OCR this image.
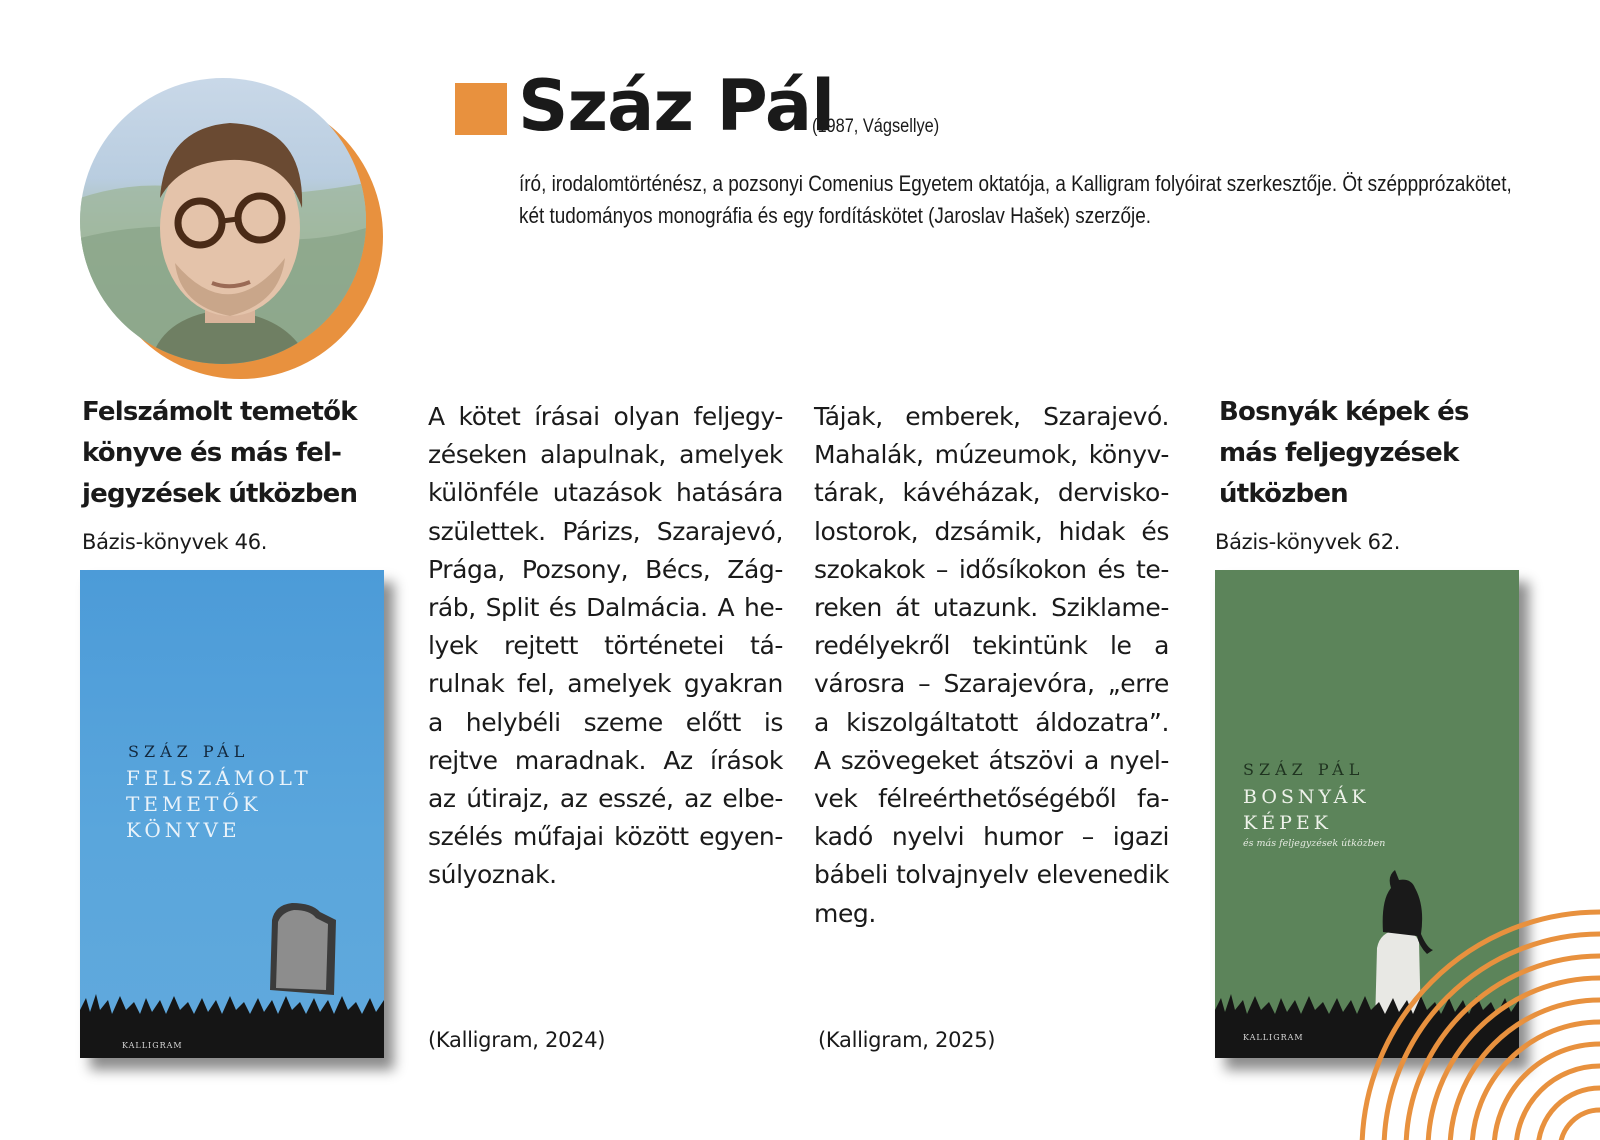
Száz Pál
(1987, Vágsellye)
író, irodalomtörténész, a pozsonyi Comenius Egyetem oktatója, a Kalligram folyóirat szerkesztője. Öt széppprózakötet, két tudományos monográfia és egy fordításkötet (Jaroslav Hašek) szerzője.
Felszámolt temetők könyve és más fel-jegyzések útközben
Bázis-könyvek 46.
SZÁZ PÁL
FELSZÁMOLT
TEMETŐK
KÖNYVE
KALLIGRAM
A kötet írásai olyan feljegy-zéseken alapulnak, amelyek különféle utazások hatására születtek. Párizs, Szarajevó, Prága, Pozsony, Bécs, Zág-ráb, Split és Dalmácia. A he-lyek rejtett történetei tá-rulnak fel, amelyek gyakran a helybéli szeme előtt is rejtve maradnak. Az írások az útirajz, az esszé, az elbe-szélés műfajai között egyen-súlyoznak.
(Kalligram, 2024)
Tájak, emberek, Szarajevó. Mahalák, múzeumok, könyv-tárak, kávéházak, dervisko-lostorok, dzsámik, hidak és szokakok – idősíkokon és te-reken át utazunk. Sziklame-redélyekről tekintünk le a városra – Szarajevóra, „erre a kiszolgáltatott áldozatra”. A szövegeket átszövi a nyel-vek félreérthetőségéből fa-kadó nyelvi humor – igazi bábeli tolvajnyelv elevenedik meg.
(Kalligram, 2025)
Bosnyák képek és más feljegyzések útközben
Bázis-könyvek 62.
SZÁZ PÁL
BOSNYÁK
KÉPEK
és más feljegyzések útközben
KALLIGRAM
